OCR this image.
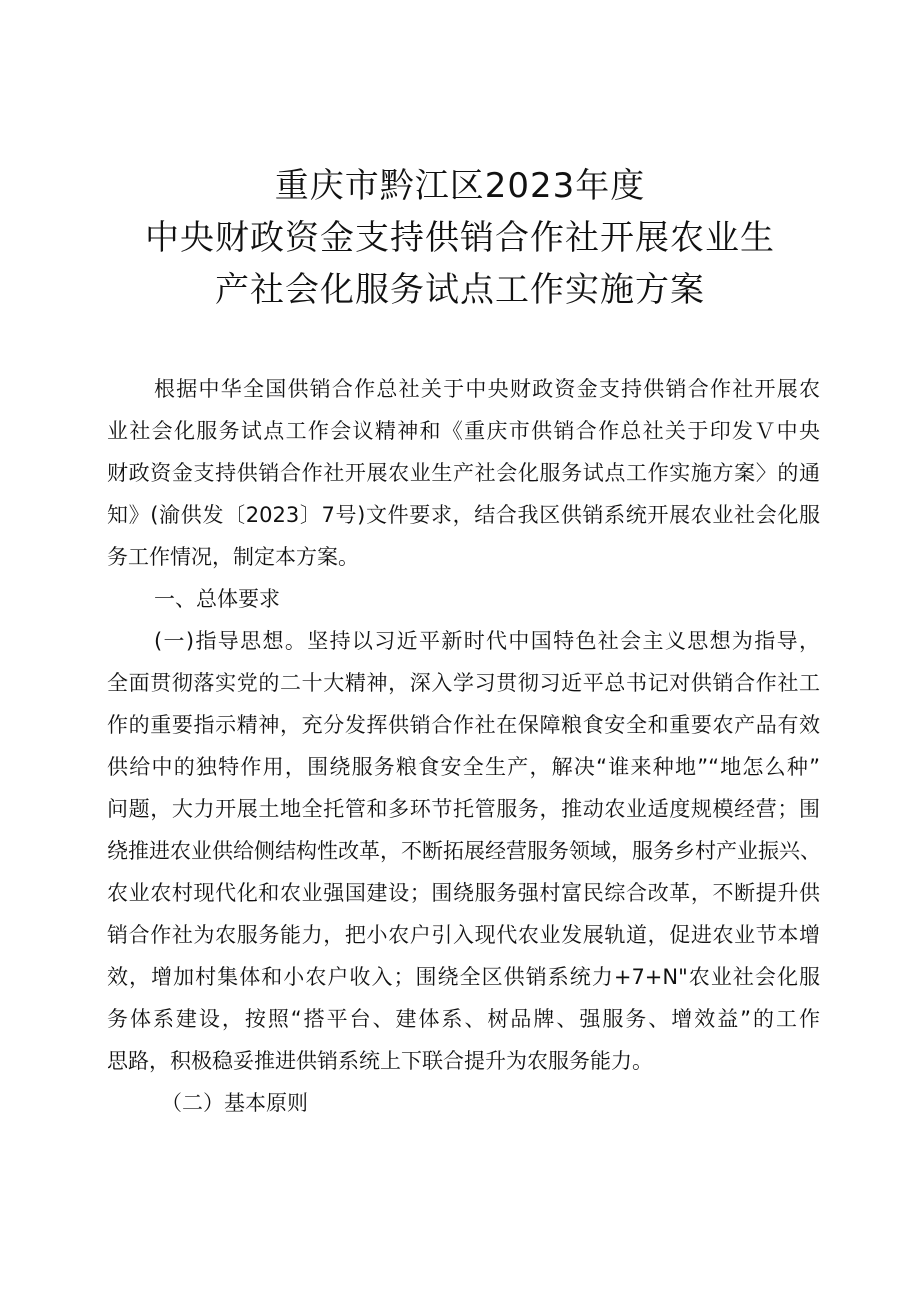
重庆市黔江区2023年度
中央财政资金支持供销合作社开展农业生
产社会化服务试点工作实施方案
根据中华全国供销合作总社关于中央财政资金支持供销合作社开展农
业社会化服务试点工作会议精神和《重庆市供销合作总社关于印发Ｖ中央
财政资金支持供销合作社开展农业生产社会化服务试点工作实施方案〉的通
知》(渝供发〔2023〕7号)文件要求，结合我区供销系统开展农业社会化服
务工作情况，制定本方案。
一、总体要求
(一)指导思想。坚持以习近平新时代中国特色社会主义思想为指导，
全面贯彻落实党的二十大精神，深入学习贯彻习近平总书记对供销合作社工
作的重要指示精神，充分发挥供销合作社在保障粮食安全和重要农产品有效
供给中的独特作用，围绕服务粮食安全生产，解决“谁来种地”“地怎么种”
问题，大力开展土地全托管和多环节托管服务，推动农业适度规模经营；围
绕推进农业供给侧结构性改革，不断拓展经营服务领域，服务乡村产业振兴、
农业农村现代化和农业强国建设；围绕服务强村富民综合改革，不断提升供
销合作社为农服务能力，把小农户引入现代农业发展轨道，促进农业节本增
效，增加村集体和小农户收入；围绕全区供销系统力+7+N"农业社会化服
务体系建设，按照“搭平台、建体系、树品牌、强服务、增效益”的工作
思路，积极稳妥推进供销系统上下联合提升为农服务能力。
（二）基本原则
